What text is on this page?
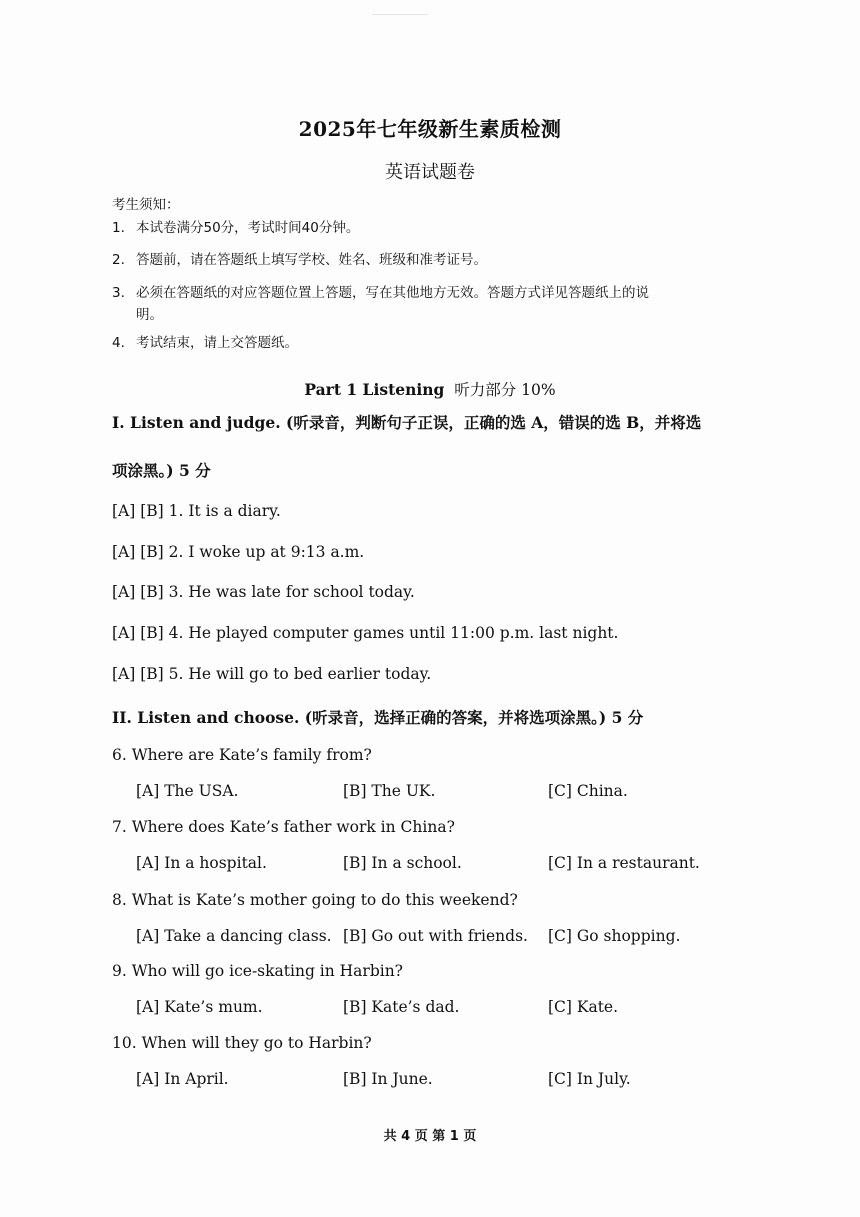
2025年七年级新生素质检测
英语试题卷
考生须知：
1. 本试卷满分50分，考试时间40分钟。
2. 答题前，请在答题纸上填写学校、姓名、班级和准考证号。
3. 必须在答题纸的对应答题位置上答题，写在其他地方无效。答题方式详见答题纸上的说
明。
4. 考试结束，请上交答题纸。
Part 1 Listening 听力部分 10%
I. Listen and judge. (听录音，判断句子正误，正确的选 A，错误的选 B，并将选
项涂黑。) 5 分
[A] [B] 1. It is a diary.
[A] [B] 2. I woke up at 9:13 a.m.
[A] [B] 3. He was late for school today.
[A] [B] 4. He played computer games until 11:00 p.m. last night.
[A] [B] 5. He will go to bed earlier today.
II. Listen and choose. (听录音，选择正确的答案，并将选项涂黑。) 5 分
6. Where are Kate’s family from?
[A] The USA.	[B] The UK.	[C] China.
7. Where does Kate’s father work in China?
[A] In a hospital.	[B] In a school.	[C] In a restaurant.
8. What is Kate’s mother going to do this weekend?
[A] Take a dancing class. [B] Go out with friends. [C] Go shopping.
9. Who will go ice-skating in Harbin?
[A] Kate’s mum.	[B] Kate’s dad.	[C] Kate.
10. When will they go to Harbin?
[A] In April.	[B] In June.	[C] In July.
共 4 页 第 1 页
